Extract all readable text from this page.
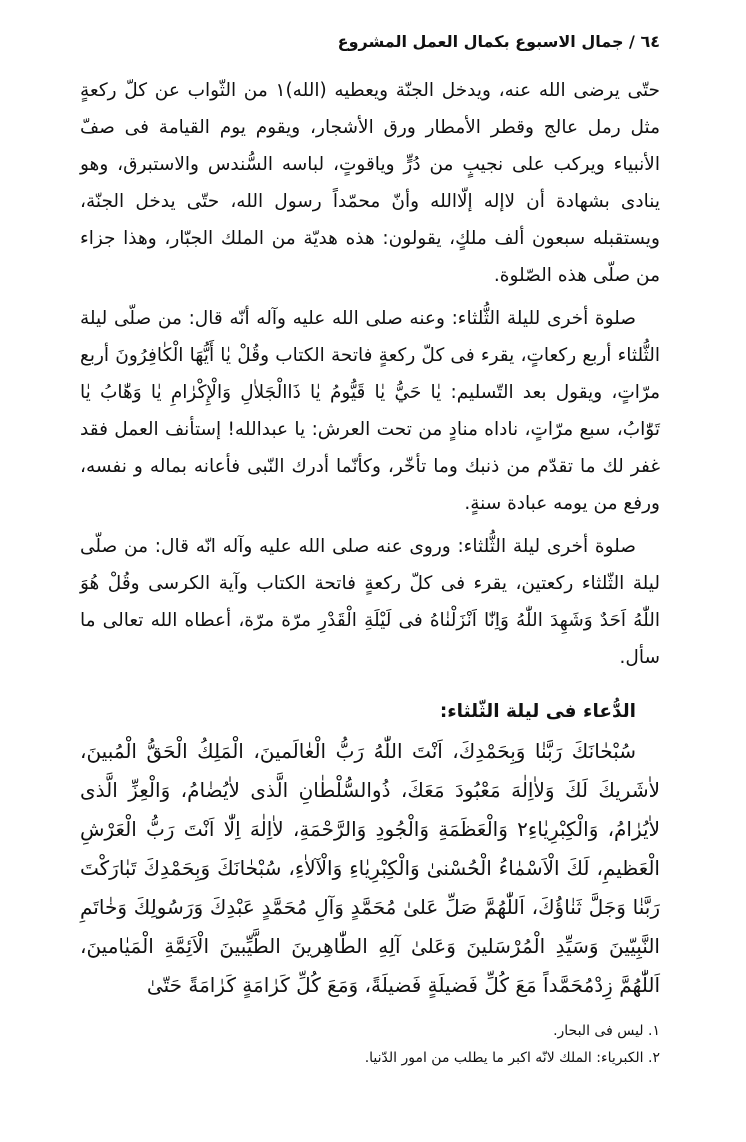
٦٤ / جمال الاسبوع بكمال العمل المشروع

حتّى يرضى الله عنه، ويدخل الجنّة ويعطيه (الله)١ من الثّواب عن كلّ ركعةٍ مثل رمل عالج وقطر الأمطار ورق الأشجار، ويقوم يوم القيامة فى صفّ الأنبياء ويركب على نجيبٍ من دُرٍّ وياقوتٍ، لباسه السُّندس والاستبرق، وهو ينادى بشهادة أن لاإله إلّاالله وأنّ محمّداً رسول الله، حتّى يدخل الجنّة، ويستقبله سبعون ألف ملكٍ، يقولون: هذه هديّة من الملك الجبّار، وهذا جزاء من صلّى هذه الصّلوة.

صلوة أخرى لليلة الثُّلثاء: وعنه صلى الله عليه وآله أنّه قال: من صلّى ليلة الثُّلثاء أربع ركعاتٍ، يقرء فى كلّ ركعةٍ فاتحة الكتاب وقُلْ يٰا أَيُّهَا الْكٰافِرُونَ أربع مرّاتٍ، ويقول بعد التّسليم: يٰا حَيُّ يٰا قَيُّومُ يٰا ذَاالْجَلاٰلِ وَالْإِكْرٰامِ يٰا وَهّٰابُ يٰا تَوّٰابُ، سبع مرّاتٍ، ناداه منادٍ من تحت العرش: يا عبدالله! إستأنف العمل فقد غفر لك ما تقدّم من ذنبك وما تأخّر، وكأنّما أدرك النّبى فأعانه بماله و نفسه، ورفع من يومه عبادة سنةٍ.

صلوة أخرى ليلة الثُّلثاء: وروى عنه صلى الله عليه وآله انّه قال: من صلّى ليلة الثّلثاء ركعتين، يقرء فى كلّ ركعةٍ فاتحة الكتاب وآية الكرسى وقُلْ هُوَ اللّٰهُ اَحَدٌ وَشَهِدَ اللّٰهُ وَاِنّٰا اَنْزَلْنٰاهُ فى لَيْلَةِ الْقَدْرِ مرّة مرّة، أعطاه الله تعالى ما سأل.

الدُّعاء فى ليلة الثّلثاء:

سُبْحٰانَكَ رَبَّنٰا وَبِحَمْدِكَ، اَنْتَ اللّٰهُ رَبُّ الْعٰالَمينَ، الْمَلِكُ الْحَقُّ الْمُبينَ، لاٰشَريكَ لَكَ وَلاٰاِلٰهَ مَعْبُودَ مَعَكَ، ذُوالسُّلْطٰانِ الَّذى لاٰيُضٰامُ، وَالْعِزِّ الَّذى لاٰيُرٰامُ، وَالْكِبْرِيٰاءِ٢ وَالْعَظَمَةِ وَالْجُودِ وَالرَّحْمَةِ، لاٰاِلٰهَ اِلّٰا اَنْتَ رَبُّ الْعَرْشِ الْعَظيمِ، لَكَ الْاَسْمٰاءُ الْحُسْنىٰ وَالْكِبْرِيٰاءِ وَالْآلاٰءِ، سُبْحٰانَكَ وَبِحَمْدِكَ تَبٰارَكْتَ رَبَّنٰا وَجَلَّ ثَنٰاؤُكَ، اَللّٰهُمَّ صَلِّ عَلىٰ مُحَمَّدٍ وَآلِ مُحَمَّدٍ عَبْدِكَ وَرَسُولِكَ وَخٰاتَمِ النَّبِيّينَ وَسَيِّدِ الْمُرْسَلينَ وَعَلىٰ آلِهِ الطّٰاهِرينَ الطَّيِّبينَ الْاَئِمَّةِ الْمَيٰامينَ، اَللّٰهُمَّ زِدْمُحَمَّداً مَعَ كُلِّ فَضيلَةٍ فَضيلَةً، وَمَعَ كُلِّ كَرٰامَةٍ كَرٰامَةً حَتّىٰ

١. ليس فى البحار.

٢. الكبرياء: الملك لانّه اكبر ما يطلب من امور الدّنيا.
